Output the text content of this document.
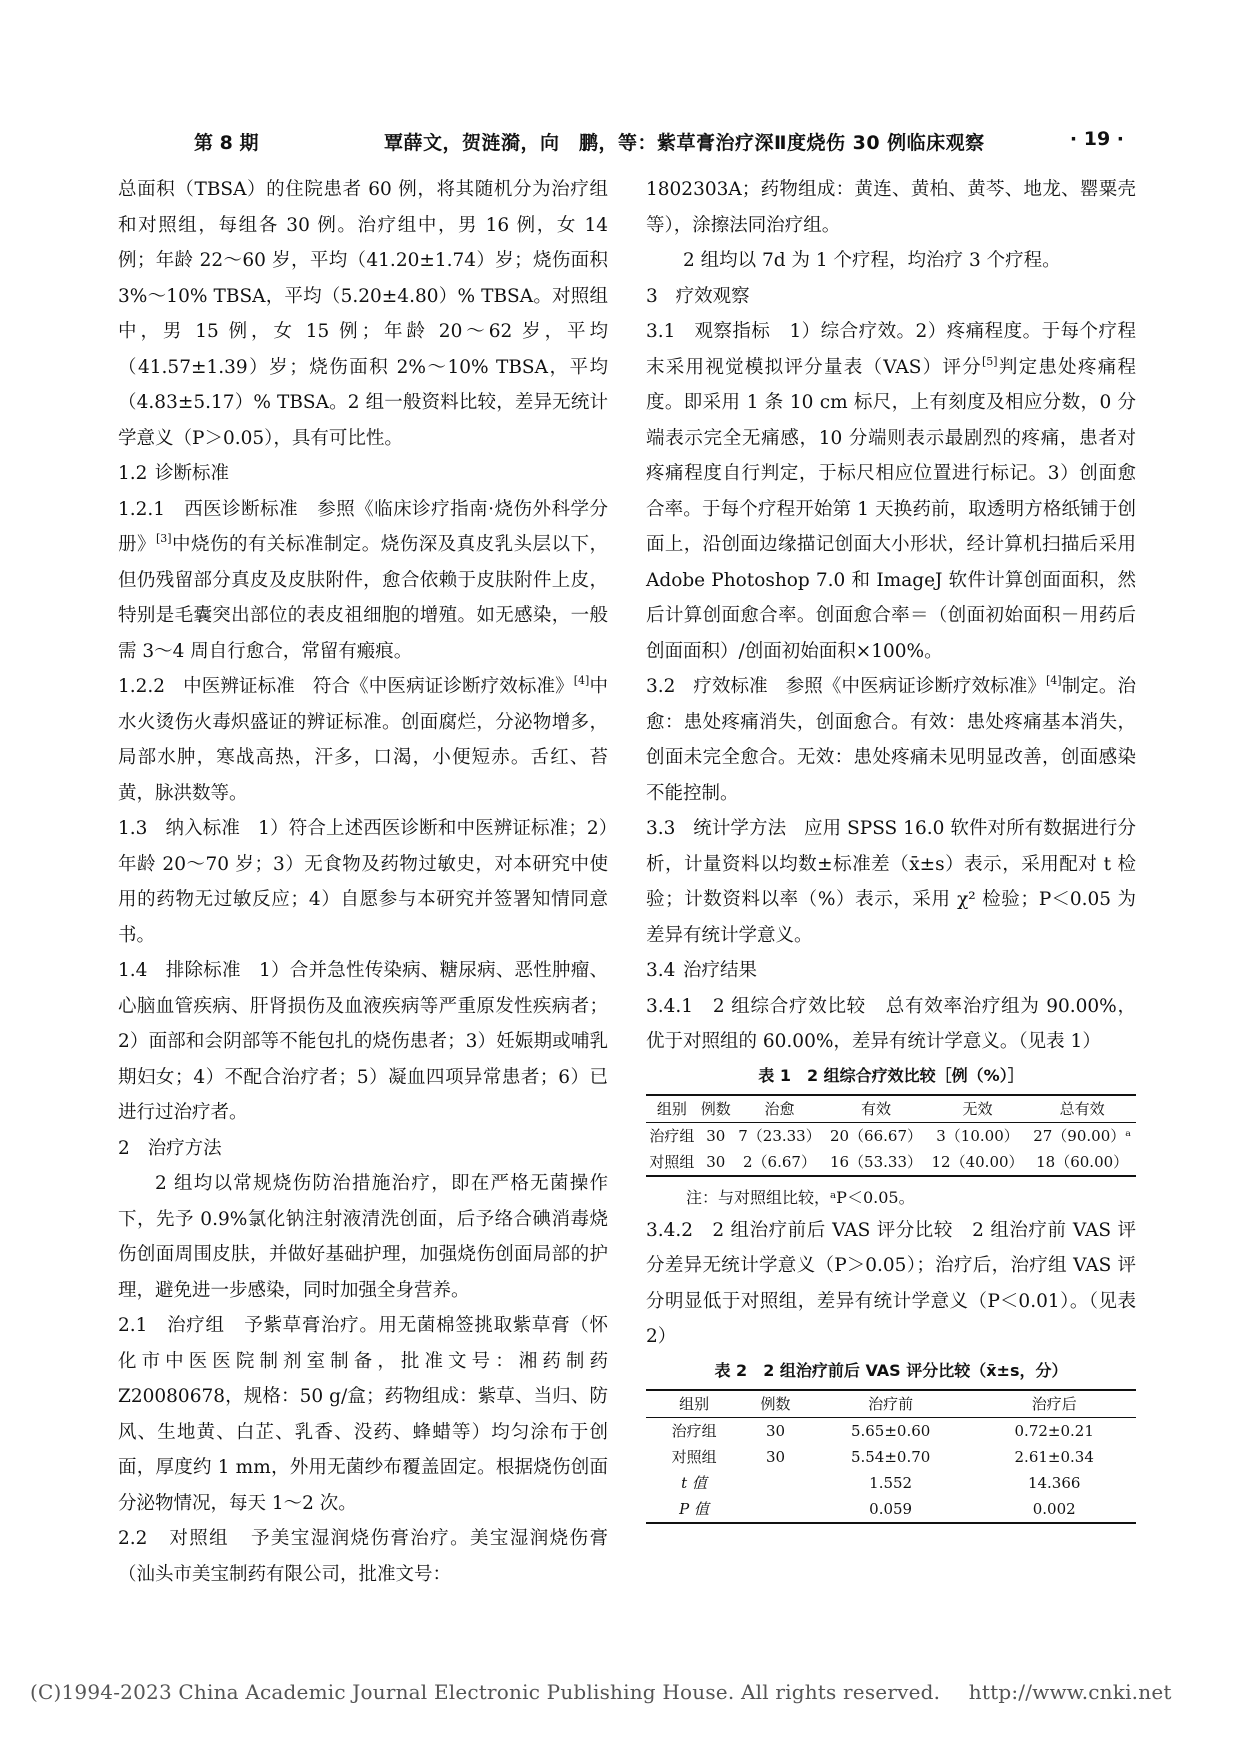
第 8 期	覃薛文，贺涟漪，向　鹏，等：紫草膏治疗深Ⅱ度烧伤 30 例临床观察	· 19 ·

总面积（TBSA）的住院患者 60 例，将其随机分为治疗组和对照组，每组各 30 例。治疗组中，男 16 例，女 14 例；年龄 22～60 岁，平均（41.20±1.74）岁；烧伤面积 3%～10% TBSA，平均（5.20±4.80）% TBSA。对照组中，男 15 例，女 15 例；年龄 20～62 岁，平均（41.57±1.39）岁；烧伤面积 2%～10% TBSA，平均（4.83±5.17）% TBSA。2 组一般资料比较，差异无统计学意义（P＞0.05），具有可比性。

1.2 诊断标准

1.2.1 西医诊断标准 参照《临床诊疗指南·烧伤外科学分册》[3]中烧伤的有关标准制定。烧伤深及真皮乳头层以下，但仍残留部分真皮及皮肤附件，愈合依赖于皮肤附件上皮，特别是毛囊突出部位的表皮祖细胞的增殖。如无感染，一般需 3～4 周自行愈合，常留有瘢痕。

1.2.2 中医辨证标准 符合《中医病证诊断疗效标准》[4]中水火烫伤火毒炽盛证的辨证标准。创面腐烂，分泌物增多，局部水肿，寒战高热，汗多，口渴，小便短赤。舌红、苔黄，脉洪数等。

1.3 纳入标准 1）符合上述西医诊断和中医辨证标准；2）年龄 20～70 岁；3）无食物及药物过敏史，对本研究中使用的药物无过敏反应；4）自愿参与本研究并签署知情同意书。

1.4 排除标准 1）合并急性传染病、糖尿病、恶性肿瘤、心脑血管疾病、肝肾损伤及血液疾病等严重原发性疾病者；2）面部和会阴部等不能包扎的烧伤患者；3）妊娠期或哺乳期妇女；4）不配合治疗者；5）凝血四项异常患者；6）已进行过治疗者。

2 治疗方法

2 组均以常规烧伤防治措施治疗，即在严格无菌操作下，先予 0.9%氯化钠注射液清洗创面，后予络合碘消毒烧伤创面周围皮肤，并做好基础护理，加强烧伤创面局部的护理，避免进一步感染，同时加强全身营养。

2.1 治疗组 予紫草膏治疗。用无菌棉签挑取紫草膏（怀化市中医医院制剂室制备，批准文号：湘药制药 Z20080678，规格：50 g/盒；药物组成：紫草、当归、防风、生地黄、白芷、乳香、没药、蜂蜡等）均匀涂布于创面，厚度约 1 mm，外用无菌纱布覆盖固定。根据烧伤创面分泌物情况，每天 1～2 次。

2.2 对照组 予美宝湿润烧伤膏治疗。美宝湿润烧伤膏（汕头市美宝制药有限公司，批准文号：

1802303A；药物组成：黄连、黄柏、黄芩、地龙、罂粟壳等），涂擦法同治疗组。

2 组均以 7d 为 1 个疗程，均治疗 3 个疗程。

3 疗效观察

3.1 观察指标 1）综合疗效。2）疼痛程度。于每个疗程末采用视觉模拟评分量表（VAS）评分[5]判定患处疼痛程度。即采用 1 条 10 cm 标尺，上有刻度及相应分数，0 分端表示完全无痛感，10 分端则表示最剧烈的疼痛，患者对疼痛程度自行判定，于标尺相应位置进行标记。3）创面愈合率。于每个疗程开始第 1 天换药前，取透明方格纸铺于创面上，沿创面边缘描记创面大小形状，经计算机扫描后采用 Adobe Photoshop 7.0 和 ImageJ 软件计算创面面积，然后计算创面愈合率。创面愈合率＝（创面初始面积－用药后创面面积）/创面初始面积×100%。

3.2 疗效标准 参照《中医病证诊断疗效标准》[4]制定。治愈：患处疼痛消失，创面愈合。有效：患处疼痛基本消失，创面未完全愈合。无效：患处疼痛未见明显改善，创面感染不能控制。

3.3 统计学方法 应用 SPSS 16.0 软件对所有数据进行分析，计量资料以均数±标准差（x̄±s）表示，采用配对 t 检验；计数资料以率（%）表示，采用 χ² 检验；P＜0.05 为差异有统计学意义。

3.4 治疗结果

3.4.1 2 组综合疗效比较 总有效率治疗组为 90.00%，优于对照组的 60.00%，差异有统计学意义。（见表 1）

表 1　2 组综合疗效比较［例（%）］
组别	例数	治愈	有效	无效	总有效
治疗组	30	7（23.33）	20（66.67）	3（10.00）	27（90.00）ᵃ
对照组	30	2（6.67）	16（53.33）	12（40.00）	18（60.00）
注：与对照组比较，ᵃP＜0.05。

3.4.2 2 组治疗前后 VAS 评分比较 2 组治疗前 VAS 评分差异无统计学意义（P＞0.05）；治疗后，治疗组 VAS 评分明显低于对照组，差异有统计学意义（P＜0.01）。（见表 2）

表 2　2 组治疗前后 VAS 评分比较（x̄±s，分）
组别	例数	治疗前	治疗后
治疗组	30	5.65±0.60	0.72±0.21
对照组	30	5.54±0.70	2.61±0.34
t 值		1.552	14.366
P 值		0.059	0.002
(C)1994-2023 China Academic Journal Electronic Publishing House. All rights reserved. http://www.cnki.net
